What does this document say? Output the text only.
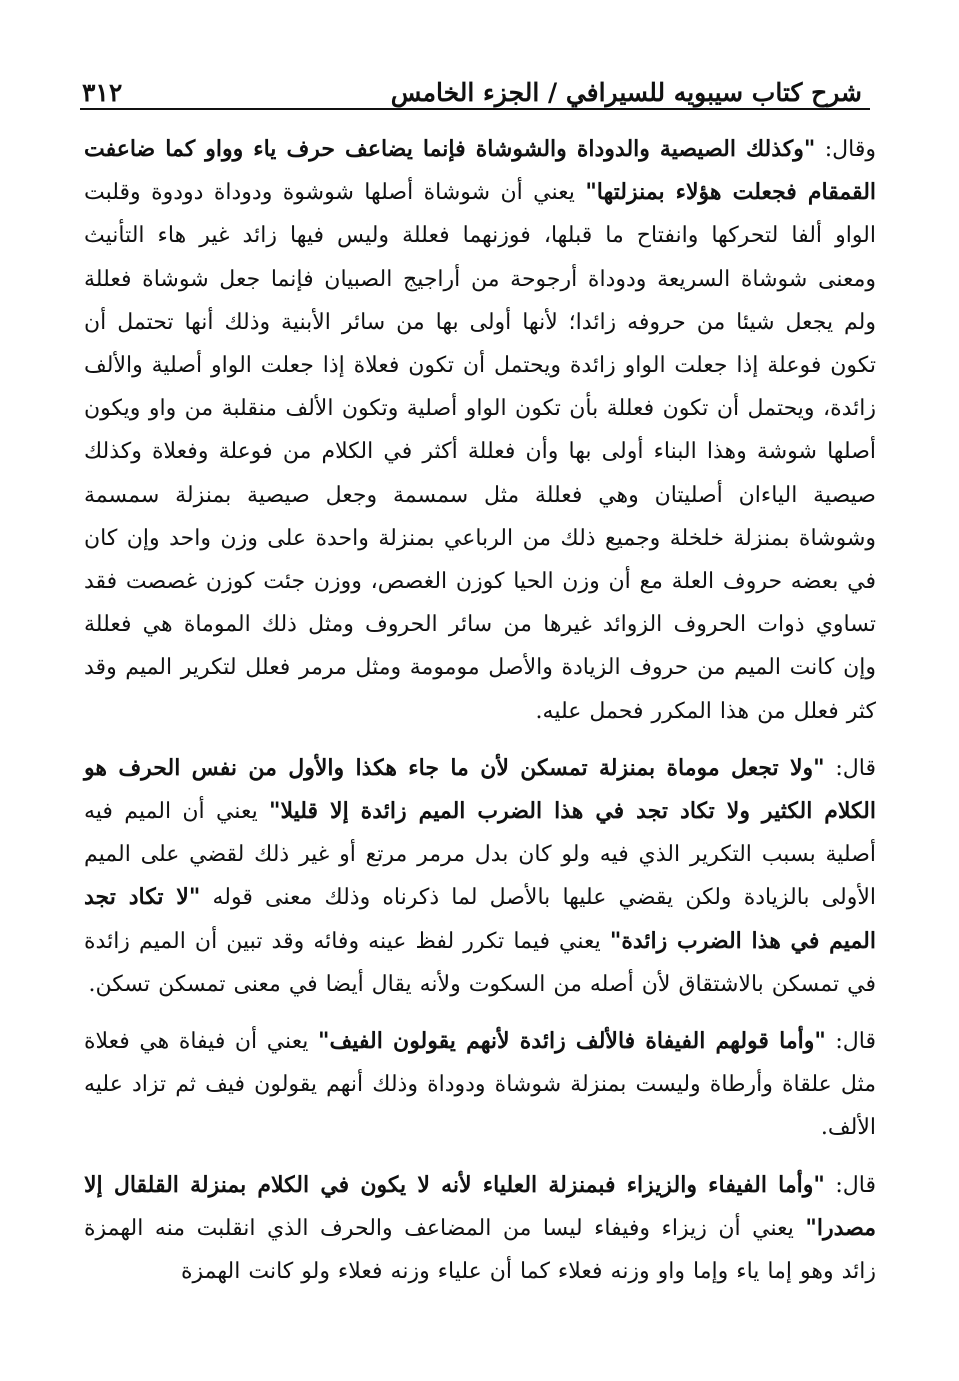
شرح كتاب سيبويه للسيرافي / الجزء الخامس
٣١٢

وقال: "وكذلك الصيصية والدوداة والشوشاة فإنما يضاعف حرف ياء وواو كما ضاعفت القمقام فجعلت هؤلاء بمنزلتها" يعني أن شوشاة أصلها شوشوة ودوداة دودوة وقلبت الواو ألفا لتحركها وانفتاح ما قبلها، فوزنهما فعللة وليس فيها زائد غير هاء التأنيث ومعنى شوشاة السريعة ودوداة أرجوحة من أراجيج الصبيان فإنما جعل شوشاة فعللة ولم يجعل شيئا من حروفه زائدا؛ لأنها أولى بها من سائر الأبنية وذلك أنها تحتمل أن تكون فوعلة إذا جعلت الواو زائدة ويحتمل أن تكون فعلاة إذا جعلت الواو أصلية والألف زائدة، ويحتمل أن تكون فعللة بأن تكون الواو أصلية وتكون الألف منقلبة من واو ويكون أصلها شوشة وهذا البناء أولى بها وأن فعللة أكثر في الكلام من فوعلة وفعلاة وكذلك صيصية الياءان أصليتان وهي فعللة مثل سمسمة وجعل صيصية بمنزلة سمسمة وشوشاة بمنزلة خلخلة وجميع ذلك من الرباعي بمنزلة واحدة على وزن واحد وإن كان في بعضه حروف العلة مع أن وزن الحيا كوزن الغصص، ووزن جئت كوزن غصصت فقد تساوي ذوات الحروف الزوائد غيرها من سائر الحروف ومثل ذلك الموماة هي فعللة وإن كانت الميم من حروف الزيادة والأصل مومومة ومثل مرمر فعلل لتكرير الميم وقد كثر فعلل من هذا المكرر فحمل عليه.

قال: "ولا تجعل موماة بمنزلة تمسكن لأن ما جاء هكذا والأول من نفس الحرف هو الكلام الكثير ولا تكاد تجد في هذا الضرب الميم زائدة إلا قليلا" يعني أن الميم فيه أصلية بسبب التكرير الذي فيه ولو كان بدل مرمر مرتع أو غير ذلك لقضي على الميم الأولى بالزيادة ولكن يقضي عليها بالأصل لما ذكرناه وذلك معنى قوله "لا تكاد تجد الميم في هذا الضرب زائدة" يعني فيما تكرر لفظ عينه وفائه وقد تبين أن الميم زائدة في تمسكن بالاشتقاق لأن أصله من السكوت ولأنه يقال أيضا في معنى تمسكن تسكن.

قال: "وأما قولهم الفيفاة فالألف زائدة لأنهم يقولون الفيف" يعني أن فيفاة هي فعلاة مثل علقاة وأرطاة وليست بمنزلة شوشاة ودوداة وذلك أنهم يقولون فيف ثم تزاد عليه الألف.

قال: "وأما الفيفاء والزيزاء فبمنزلة العلياء لأنه لا يكون في الكلام بمنزلة القلقال إلا مصدرا" يعني أن زيزاء وفيفاء ليسا من المضاعف والحرف الذي انقلبت منه الهمزة زائد وهو إما ياء وإما واو وزنه فعلاء كما أن علياء وزنه فعلاء ولو كانت الهمزة
